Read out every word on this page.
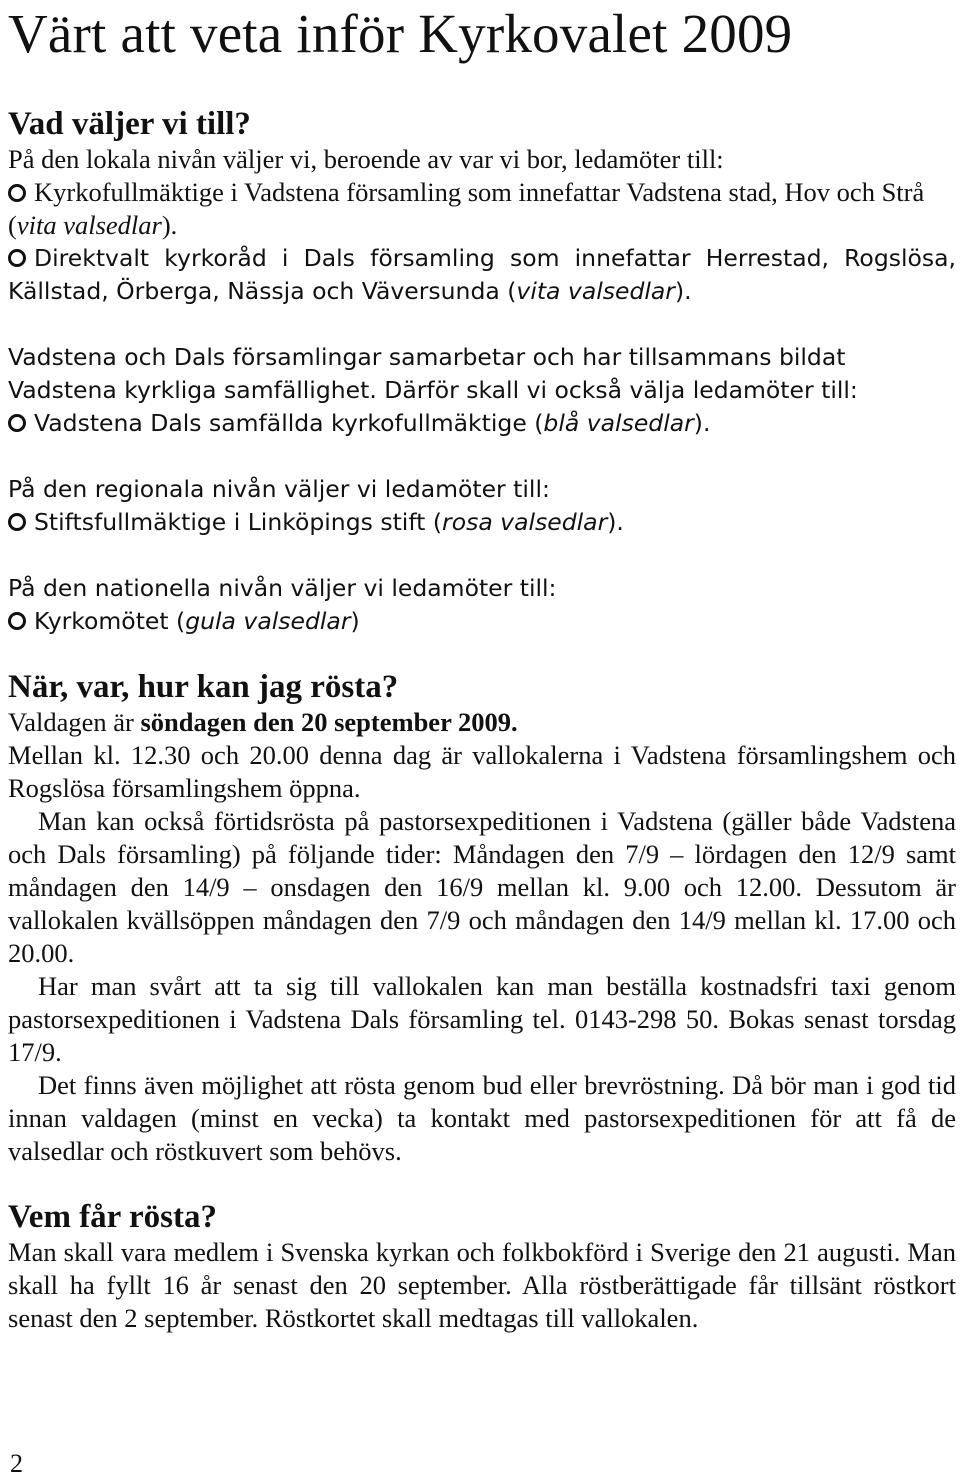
Värt att veta inför Kyrkovalet 2009
Vad väljer vi till?

På den lokala nivån väljer vi, beroende av var vi bor, ledamöter till:

Kyrkofullmäktige i Vadstena församling som innefattar Vadstena stad, Hov och Strå (vita valsedlar).

Direktvalt kyrkoråd i Dals församling som innefattar Herrestad, Rogslösa, Källstad, Örberga, Nässja och Väversunda (vita valsedlar).

Vadstena och Dals församlingar samarbetar och har tillsammans bildat Vadstena kyrkliga samfällighet. Därför skall vi också välja ledamöter till:

Vadstena Dals samfällda kyrkofullmäktige (blå valsedlar).

På den regionala nivån väljer vi ledamöter till:

Stiftsfullmäktige i Linköpings stift (rosa valsedlar).

På den nationella nivån väljer vi ledamöter till:

Kyrkomötet (gula valsedlar)

När, var, hur kan jag rösta?

Valdagen är söndagen den 20 september 2009.

Mellan kl. 12.30 och 20.00 denna dag är vallokalerna i Vadstena församlingshem och Rogslösa församlingshem öppna.

Man kan också förtidsrösta på pastorsexpeditionen i Vadstena (gäller både Vadstena och Dals församling) på följande tider: Måndagen den 7/9 – lördagen den 12/9 samt måndagen den 14/9 – onsdagen den 16/9 mellan kl. 9.00 och 12.00. Dessutom är vallokalen kvällsöppen måndagen den 7/9 och måndagen den 14/9 mellan kl. 17.00 och 20.00.

Har man svårt att ta sig till vallokalen kan man beställa kostnadsfri taxi genom pastorsexpeditionen i Vadstena Dals församling tel. 0143-298 50. Bokas senast torsdag 17/9.

Det finns även möjlighet att rösta genom bud eller brevröstning. Då bör man i god tid innan valdagen (minst en vecka) ta kontakt med pastorsexpeditionen för att få de valsedlar och röstkuvert som behövs.

Vem får rösta?

Man skall vara medlem i Svenska kyrkan och folkbokförd i Sverige den 21 augusti. Man skall ha fyllt 16 år senast den 20 september. Alla röstberättigade får tillsänt röstkort senast den 2 september. Röstkortet skall medtagas till vallokalen.

2
